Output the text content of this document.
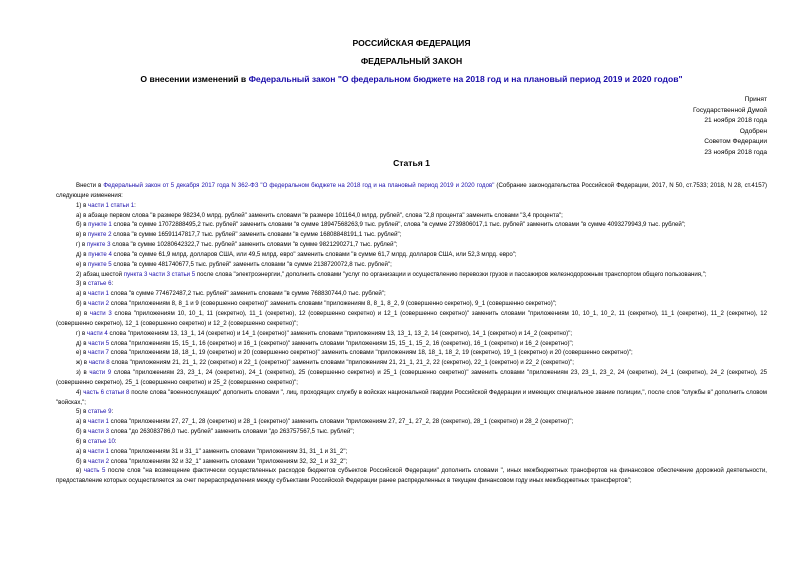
РОССИЙСКАЯ ФЕДЕРАЦИЯ
ФЕДЕРАЛЬНЫЙ ЗАКОН
О внесении изменений в Федеральный закон "О федеральном бюджете на 2018 год и на плановый период 2019 и 2020 годов"
Принят
Государственной Думой
21 ноября 2018 года
Одобрен
Советом Федерации
23 ноября 2018 года
Статья 1

Внести в Федеральный закон от 5 декабря 2017 года N 362-ФЗ "О федеральном бюджете на 2018 год и на плановый период 2019 и 2020 годов" (Собрание законодательства Российской Федерации, 2017, N 50, ст.7533; 2018, N 28, ст.4157) следующие изменения:

1) в части 1 статьи 1:

а) в абзаце первом слова "в размере 98234,0 млрд. рублей" заменить словами "в размере 101164,0 млрд. рублей", слова "2,8 процента" заменить словами "3,4 процента";

б) в пункте 1 слова "в сумме 17072888495,2 тыс. рублей" заменить словами "в сумме 18947568263,9 тыс. рублей", слова "в сумме 2739806017,1 тыс. рублей" заменить словами "в сумме 4093279943,9 тыс. рублей";

в) в пункте 2 слова "в сумме 16591147817,7 тыс. рублей" заменить словами "в сумме 16808848191,1 тыс. рублей";

г) в пункте 3 слова "в сумме 10280642322,7 тыс. рублей" заменить словами "в сумме 9821290271,7 тыс. рублей";

д) в пункте 4 слова "в сумме 61,9 млрд. долларов США, или 49,5 млрд. евро" заменить словами "в сумме 61,7 млрд. долларов США, или 52,3 млрд. евро";

е) в пункте 5 слова "в сумме 481740677,5 тыс. рублей" заменить словами "в сумме 2138720072,8 тыс. рублей";

2) абзац шестой пункта 3 части 3 статьи 5 после слова "электроэнергии," дополнить словами "услуг по организации и осуществлению перевозки грузов и пассажиров железнодорожным транспортом общего пользования,";

3) в статье 6:

а) в части 1 слова "в сумме 774672487,2 тыс. рублей" заменить словами "в сумме 768830744,0 тыс. рублей";

б) в части 2 слова "приложениям 8, 8_1 и 9 (совершенно секретно)" заменить словами "приложениям 8, 8_1, 8_2, 9 (совершенно секретно), 9_1 (совершенно секретно)";

в) в части 3 слова "приложениям 10, 10_1, 11 (секретно), 11_1 (секретно), 12 (совершенно секретно) и 12_1 (совершенно секретно)" заменить словами "приложениям 10, 10_1, 10_2, 11 (секретно), 11_1 (секретно), 11_2 (секретно), 12 (совершенно секретно), 12_1 (совершенно секретно) и 12_2 (совершенно секретно)";

г) в части 4 слова "приложениям 13, 13_1, 14 (секретно) и 14_1 (секретно)" заменить словами "приложениям 13, 13_1, 13_2, 14 (секретно), 14_1 (секретно) и 14_2 (секретно)";

д) в части 5 слова "приложениям 15, 15_1, 16 (секретно) и 16_1 (секретно)" заменить словами "приложениям 15, 15_1, 15_2, 16 (секретно), 16_1 (секретно) и 16_2 (секретно)";

е) в части 7 слова "приложениям 18, 18_1, 19 (секретно) и 20 (совершенно секретно)" заменить словами "приложениям 18, 18_1, 18_2, 19 (секретно), 19_1 (секретно) и 20 (совершенно секретно)";

ж) в части 8 слова "приложениям 21, 21_1, 22 (секретно) и 22_1 (секретно)" заменить словами "приложениям 21, 21_1, 21_2, 22 (секретно), 22_1 (секретно) и 22_2 (секретно)";

з) в части 9 слова "приложениям 23, 23_1, 24 (секретно), 24_1 (секретно), 25 (совершенно секретно) и 25_1 (совершенно секретно)" заменить словами "приложениям 23, 23_1, 23_2, 24 (секретно), 24_1 (секретно), 24_2 (секретно), 25 (совершенно секретно), 25_1 (совершенно секретно) и 25_2 (совершенно секретно)";

4) часть 6 статьи 8 после слова "военнослужащих" дополнить словами ", лиц, проходящих службу в войсках национальной гвардии Российской Федерации и имеющих специальное звание полиции,", после слов "службы в" дополнить словом "войсках,";

5) в статье 9:

а) в части 1 слова "приложениям 27, 27_1, 28 (секретно) и 28_1 (секретно)" заменить словами "приложениям 27, 27_1, 27_2, 28 (секретно), 28_1 (секретно) и 28_2 (секретно)";

б) в части 3 слова "до 263083786,0 тыс. рублей" заменить словами "до 263757567,5 тыс. рублей";

6) в статье 10:

а) в части 1 слова "приложениям 31 и 31_1" заменить словами "приложениям 31, 31_1 и 31_2";

б) в части 2 слова "приложениям 32 и 32_1" заменить словами "приложениям 32, 32_1 и 32_2";

в) часть 5 после слов "на возмещение фактически осуществленных расходов бюджетов субъектов Российской Федерации" дополнить словами ", иных межбюджетных трансфертов на финансовое обеспечение дорожной деятельности, предоставление которых осуществляется за счет перераспределения между субъектами Российской Федерации ранее распределенных в текущем финансовом году иных межбюджетных трансфертов";
